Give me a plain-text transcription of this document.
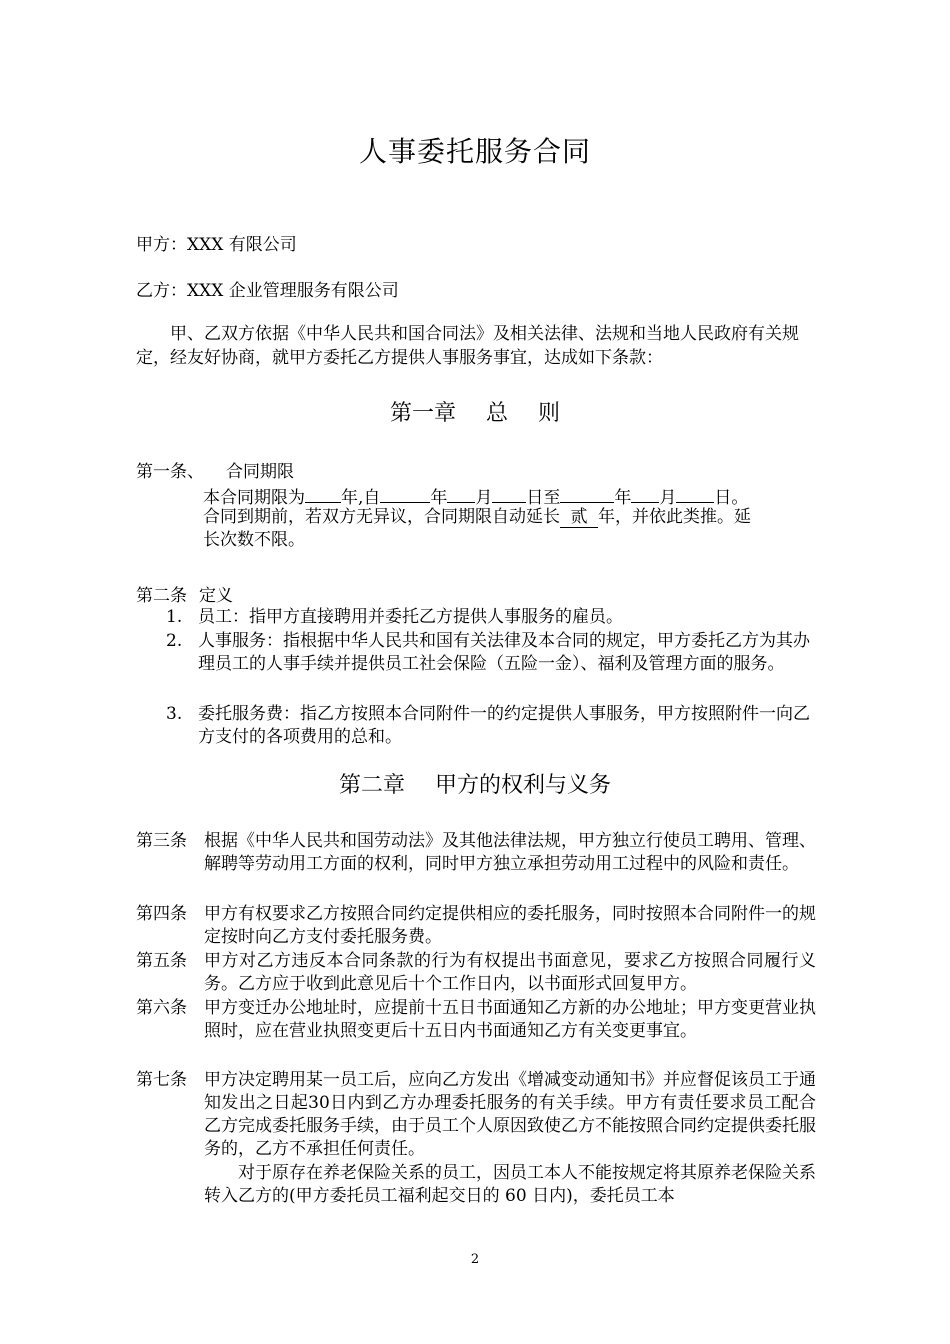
人事委托服务合同
甲方：XXX 有限公司
乙方：XXX 企业管理服务有限公司
甲、乙双方依据《中华人民共和国合同法》及相关法律、法规和当地人民政府有关规定，经友好协商，就甲方委托乙方提供人事服务事宜，达成如下条款：
第一章 总 则
第一条、 合同期限
本合同期限为 年,自	年 月 日至	年 月 日。
合同到期前，若双方无异议，合同期限自动延长 贰 年，并依此类推。延
长次数不限。
第二条 定义
1. 员工：指甲方直接聘用并委托乙方提供人事服务的雇员。
2. 人事服务：指根据中华人民共和国有关法律及本合同的规定，甲方委托乙方为其办理员工的人事手续并提供员工社会保险（五险一金）、福利及管理方面的服务。
3. 委托服务费：指乙方按照本合同附件一的约定提供人事服务，甲方按照附件一向乙方支付的各项费用的总和。
第二章 甲方的权利与义务
第三条	根据《中华人民共和国劳动法》及其他法律法规，甲方独立行使员工聘用、管理、解聘等劳动用工方面的权利，同时甲方独立承担劳动用工过程中的风险和责任。
第四条	甲方有权要求乙方按照合同约定提供相应的委托服务，同时按照本合同附件一的规定按时向乙方支付委托服务费。
第五条	甲方对乙方违反本合同条款的行为有权提出书面意见，要求乙方按照合同履行义务。乙方应于收到此意见后十个工作日内，以书面形式回复甲方。
第六条	甲方变迁办公地址时，应提前十五日书面通知乙方新的办公地址；甲方变更营业执照时，应在营业执照变更后十五日内书面通知乙方有关变更事宜。
第七条	甲方决定聘用某一员工后，应向乙方发出《增减变动通知书》并应督促该员工于通知发出之日起30日内到乙方办理委托服务的有关手续。甲方有责任要求员工配合乙方完成委托服务手续，由于员工个人原因致使乙方不能按照合同约定提供委托服务的，乙方不承担任何责任。
对于原存在养老保险关系的员工，因员工本人不能按规定将其原养老保险关系转入乙方的(甲方委托员工福利起交日的 60 日内)，委托员工本
2
